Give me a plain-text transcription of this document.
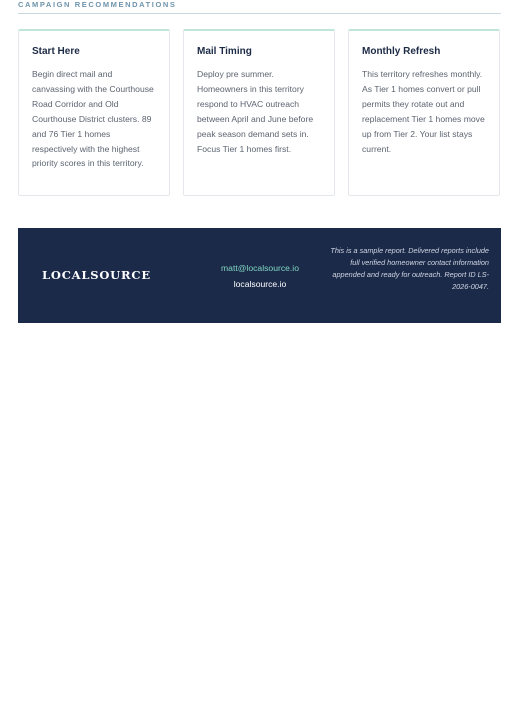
CAMPAIGN RECOMMENDATIONS

Start Here

Begin direct mail and canvassing with the Courthouse Road Corridor and Old Courthouse District clusters. 89 and 76 Tier 1 homes respectively with the highest priority scores in this territory.

Mail Timing

Deploy pre summer. Homeowners in this territory respond to HVAC outreach between April and June before peak season demand sets in. Focus Tier 1 homes first.

Monthly Refresh

This territory refreshes monthly. As Tier 1 homes convert or pull permits they rotate out and replacement Tier 1 homes move up from Tier 2. Your list stays current.

LOCALSOURCE	matt@localsource.io
localsource.io
This is a sample report. Delivered reports include full verified homeowner contact information appended and ready for outreach. Report ID LS-2026-0047.
